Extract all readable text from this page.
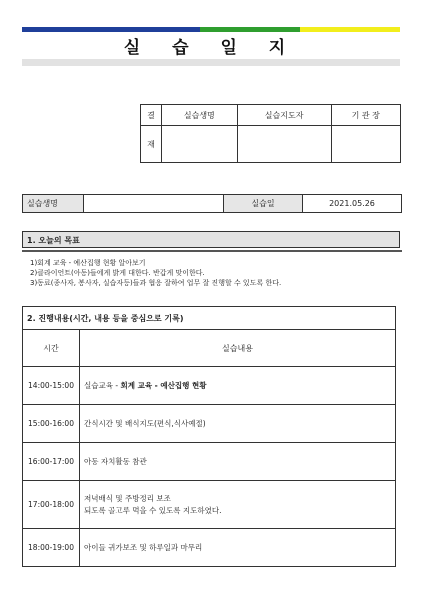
실 습 일 지
결	실습생명	실습지도자	기 관 장
재			
실습생명		실습일	2021.05.26
1. 오늘의 목표
1)회계 교육 - 예산집행 현황 알아보기
2)클라이언트(아동)들에게 밝게 대한다. 반갑게 맞이한다.
3)동료(종사자, 봉사자, 실습자등)들과 협응 잘하여 업무 잘 진행할 수 있도록 한다.
2. 진행내용(시간, 내용 등을 중심으로 기록)	
시간	실습내용
14:00-15:00	실습교육 - 회계 교육 - 예산집행 현황
15:00-16:00	간식시간 및 배식지도(편식,식사예절)
16:00-17:00	아동 자치활동 참관
17:00-18:00	저녁배식 및 주방정리 보조
되도록 골고루 먹을 수 있도록 지도하였다.

18:00-19:00	아이들 귀가보조 및 하루일과 마무리
